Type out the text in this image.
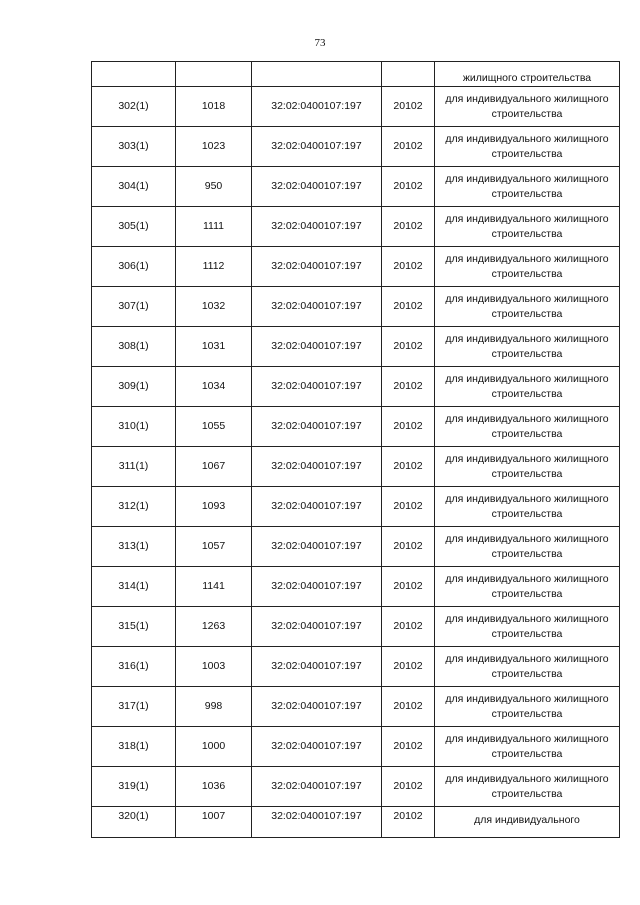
73
				жилищного строительства
302(1)	1018	32:02:0400107:197	20102	для индивидуального жилищного строительства
303(1)	1023	32:02:0400107:197	20102	для индивидуального жилищного строительства
304(1)	950	32:02:0400107:197	20102	для индивидуального жилищного строительства
305(1)	1111	32:02:0400107:197	20102	для индивидуального жилищного строительства
306(1)	1112	32:02:0400107:197	20102	для индивидуального жилищного строительства
307(1)	1032	32:02:0400107:197	20102	для индивидуального жилищного строительства
308(1)	1031	32:02:0400107:197	20102	для индивидуального жилищного строительства
309(1)	1034	32:02:0400107:197	20102	для индивидуального жилищного строительства
310(1)	1055	32:02:0400107:197	20102	для индивидуального жилищного строительства
311(1)	1067	32:02:0400107:197	20102	для индивидуального жилищного строительства
312(1)	1093	32:02:0400107:197	20102	для индивидуального жилищного строительства
313(1)	1057	32:02:0400107:197	20102	для индивидуального жилищного строительства
314(1)	1141	32:02:0400107:197	20102	для индивидуального жилищного строительства
315(1)	1263	32:02:0400107:197	20102	для индивидуального жилищного строительства
316(1)	1003	32:02:0400107:197	20102	для индивидуального жилищного строительства
317(1)	998	32:02:0400107:197	20102	для индивидуального жилищного строительства
318(1)	1000	32:02:0400107:197	20102	для индивидуального жилищного строительства
319(1)	1036	32:02:0400107:197	20102	для индивидуального жилищного строительства
320(1)	1007	32:02:0400107:197	20102	для индивидуального
